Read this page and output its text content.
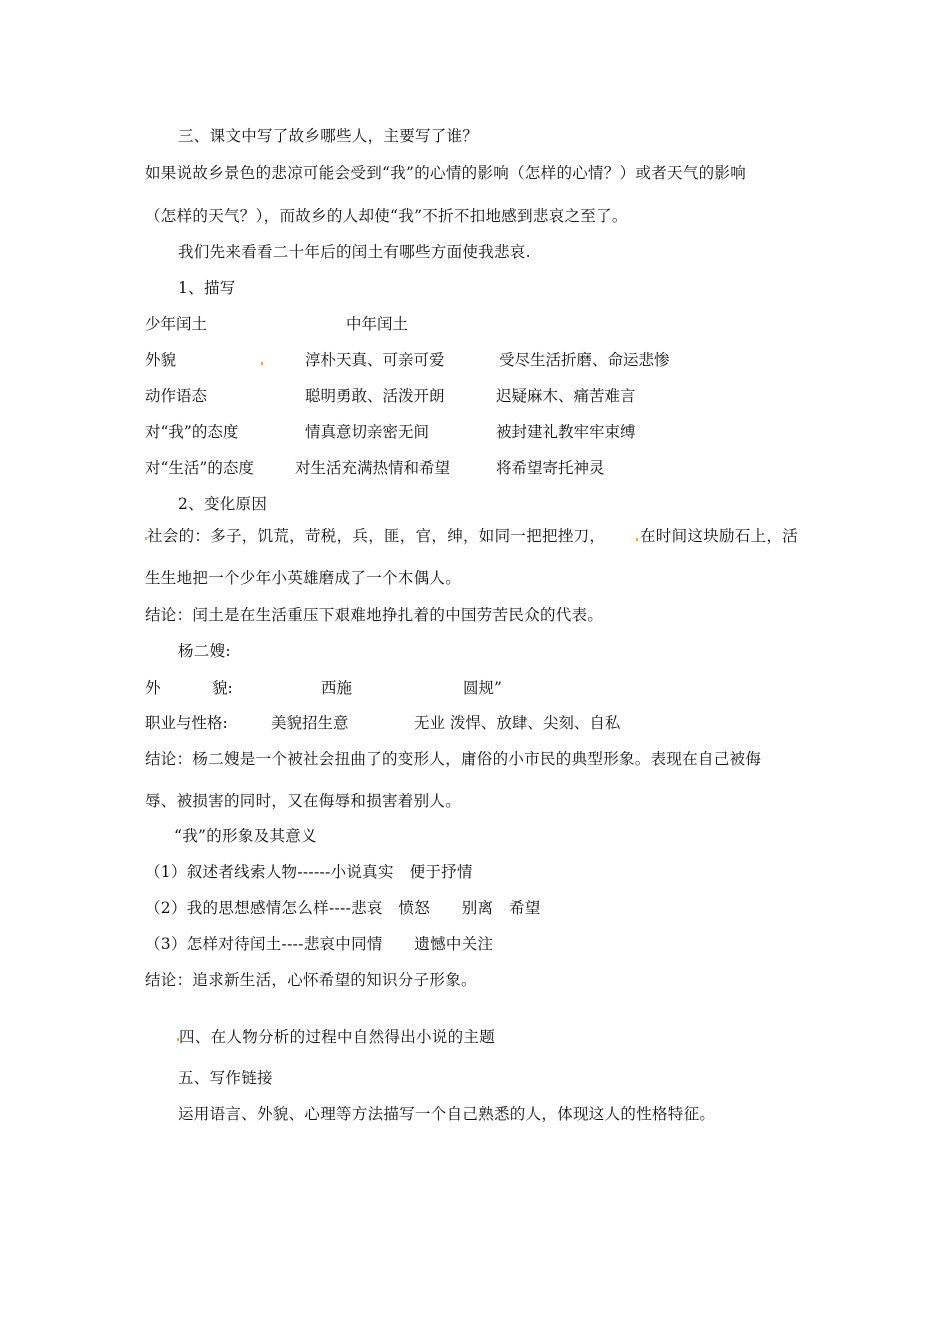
三、课文中写了故乡哪些人，主要写了谁？
如果说故乡景色的悲凉可能会受到“我”的心情的影响（怎样的心情？）或者天气的影响
（怎样的天气？），而故乡的人却使“我”不折不扣地感到悲哀之至了。
我们先来看看二十年后的闰土有哪些方面使我悲哀.
1、描写
少年闰土	中年闰土
外貌	淳朴天真、可亲可爱	受尽生活折磨、命运悲惨
动作语态	聪明勇敢、活泼开朗	迟疑麻木、痛苦难言
对“我”的态度	情真意切亲密无间	被封建礼教牢牢束缚
对“生活”的态度	对生活充满热情和希望	将希望寄托神灵
2、变化原因
社会的：多子，饥荒，苛税，兵，匪，官，绅，如同一把把挫刀， 在时间这块励石上，活
生生地把一个少年小英雄磨成了一个木偶人。
结论：闰土是在生活重压下艰难地挣扎着的中国劳苦民众的代表。
杨二嫂:
外	貌:	西施	圆规”
职业与性格:	美貌招生意	无业 泼悍、放肆、尖刻、自私
结论：杨二嫂是一个被社会扭曲了的变形人，庸俗的小市民的典型形象。表现在自己被侮
辱、被损害的同时，又在侮辱和损害着别人。
“我”的形象及其意义
（1）叙述者线索人物------小说真实　便于抒情
（2）我的思想感情怎么样----悲哀　愤怒　　别离　希望
（3）怎样对待闰土----悲哀中同情　　遗憾中关注
结论：追求新生活，心怀希望的知识分子形象。
四、在人物分析的过程中自然得出小说的主题
五、写作链接
运用语言、外貌、心理等方法描写一个自己熟悉的人，体现这人的性格特征。
